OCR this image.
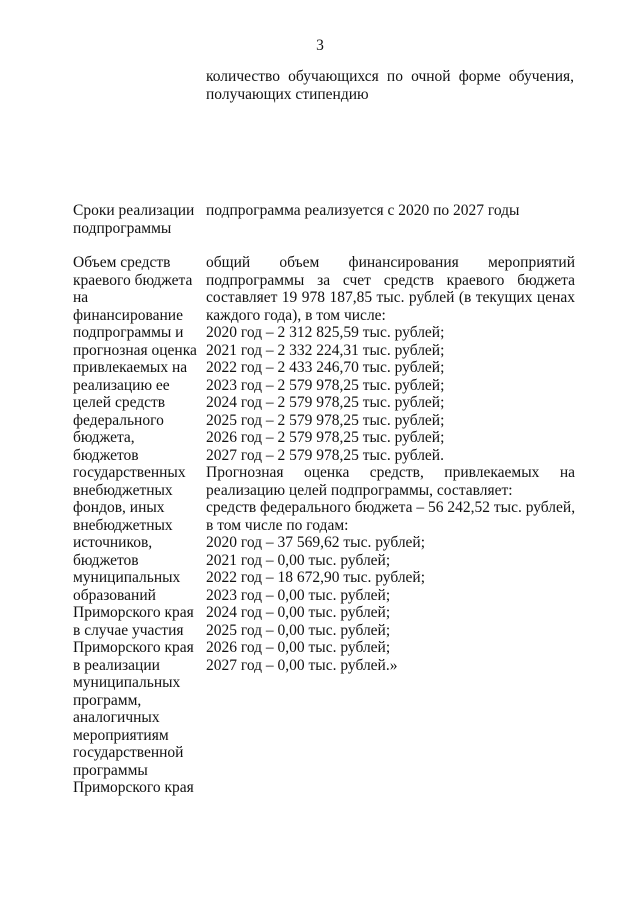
3
количество обучающихся по очной форме обучения,
получающих стипендию
Сроки реализации
подпрограммы
подпрограмма реализуется с 2020 по 2027 годы
Объем средств
краевого бюджета
на
финансирование
подпрограммы и
прогнозная оценка
привлекаемых на
реализацию ее
целей средств
федерального
бюджета,
бюджетов
государственных
внебюджетных
фондов, иных
внебюджетных
источников,
бюджетов
муниципальных
образований
Приморского края
в случае участия
Приморского края
в реализации
муниципальных
программ,
аналогичных
мероприятиям
государственной
программы
Приморского края
общий объем финансирования мероприятий
подпрограммы за счет средств краевого бюджета
составляет 19 978 187,85 тыс. рублей (в текущих ценах
каждого года), в том числе:
2020 год – 2 312 825,59 тыс. рублей;
2021 год – 2 332 224,31 тыс. рублей;
2022 год – 2 433 246,70 тыс. рублей;
2023 год – 2 579 978,25 тыс. рублей;
2024 год – 2 579 978,25 тыс. рублей;
2025 год – 2 579 978,25 тыс. рублей;
2026 год – 2 579 978,25 тыс. рублей;
2027 год – 2 579 978,25 тыс. рублей.
Прогнозная оценка средств, привлекаемых на
реализацию целей подпрограммы, составляет:
средств федерального бюджета – 56 242,52 тыс. рублей,
в том числе по годам:
2020 год – 37 569,62 тыс. рублей;
2021 год – 0,00 тыс. рублей;
2022 год – 18 672,90 тыс. рублей;
2023 год – 0,00 тыс. рублей;
2024 год – 0,00 тыс. рублей;
2025 год – 0,00 тыс. рублей;
2026 год – 0,00 тыс. рублей;
2027 год – 0,00 тыс. рублей.»
